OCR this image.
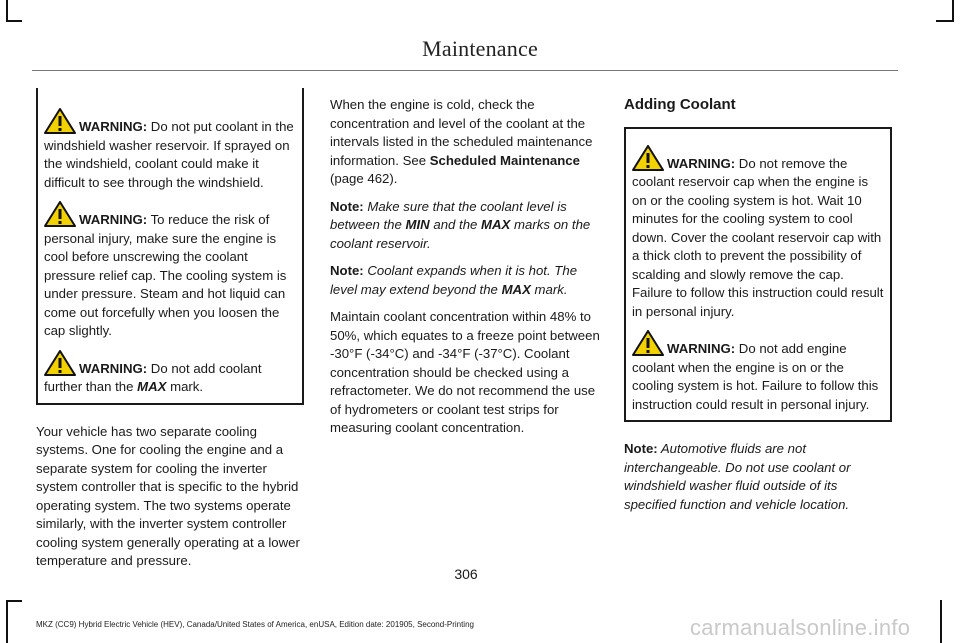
Maintenance

WARNING: Do not put coolant in the windshield washer reservoir. If sprayed on the windshield, coolant could make it difficult to see through the windshield.

WARNING: To reduce the risk of personal injury, make sure the engine is cool before unscrewing the coolant pressure relief cap. The cooling system is under pressure. Steam and hot liquid can come out forcefully when you loosen the cap slightly.

WARNING: Do not add coolant further than the MAX mark.

Your vehicle has two separate cooling systems. One for cooling the engine and a separate system for cooling the inverter system controller that is specific to the hybrid operating system. The two systems operate similarly, with the inverter system controller cooling system generally operating at a lower temperature and pressure.

When the engine is cold, check the concentration and level of the coolant at the intervals listed in the scheduled maintenance information. See Scheduled Maintenance (page 462).

Note: Make sure that the coolant level is between the MIN and the MAX marks on the coolant reservoir.

Note: Coolant expands when it is hot. The level may extend beyond the MAX mark.

Maintain coolant concentration within 48% to 50%, which equates to a freeze point between -30°F (-34°C) and -34°F (-37°C). Coolant concentration should be checked using a refractometer. We do not recommend the use of hydrometers or coolant test strips for measuring coolant concentration.

Adding Coolant

WARNING: Do not remove the coolant reservoir cap when the engine is on or the cooling system is hot. Wait 10 minutes for the cooling system to cool down. Cover the coolant reservoir cap with a thick cloth to prevent the possibility of scalding and slowly remove the cap. Failure to follow this instruction could result in personal injury.

WARNING: Do not add engine coolant when the engine is on or the cooling system is hot. Failure to follow this instruction could result in personal injury.

Note: Automotive fluids are not interchangeable. Do not use coolant or windshield washer fluid outside of its specified function and vehicle location.

306
MKZ (CC9) Hybrid Electric Vehicle (HEV), Canada/United States of America, enUSA, Edition date: 201905, Second-Printing	carmanualsonline.info
